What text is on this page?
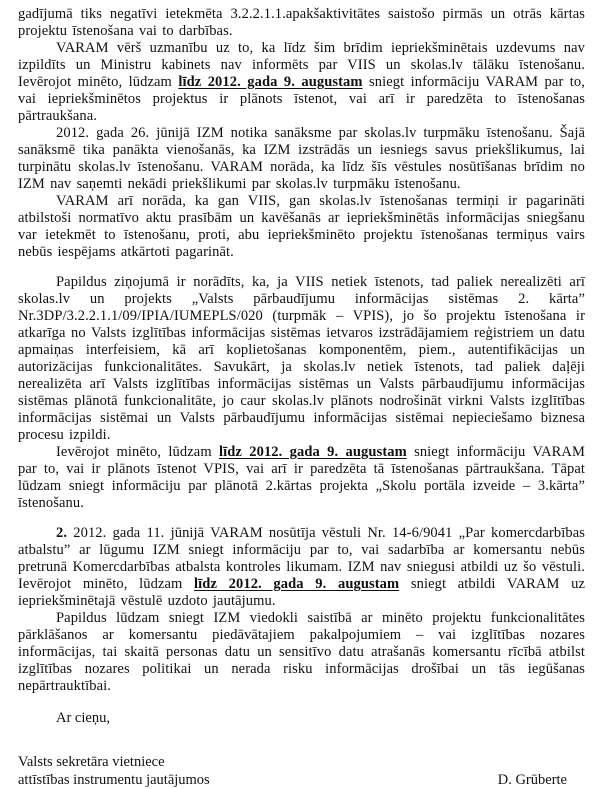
gadījumā tiks negatīvi ietekmēta 3.2.2.1.1.apakšaktivitātes saistošo pirmās un otrās kārtas projektu īstenošana vai to darbības.

VARAM vērš uzmanību uz to, ka līdz šim brīdim iepriekšminētais uzdevums nav izpildīts un Ministru kabinets nav informēts par VIIS un skolas.lv tālāku īstenošanu. Ievērojot minēto, lūdzam līdz 2012. gada 9. augustam sniegt informāciju VARAM par to, vai iepriekšminētos projektus ir plānots īstenot, vai arī ir paredzēta to īstenošanas pārtraukšana.

2012. gada 26. jūnijā IZM notika sanāksme par skolas.lv turpmāku īstenošanu. Šajā sanāksmē tika panākta vienošanās, ka IZM izstrādās un iesniegs savus priekšlikumus, lai turpinātu skolas.lv īstenošanu. VARAM norāda, ka līdz šīs vēstules nosūtīšanas brīdim no IZM nav saņemti nekādi priekšlikumi par skolas.lv turpmāku īstenošanu.

VARAM arī norāda, ka gan VIIS, gan skolas.lv īstenošanas termiņi ir pagarināti atbilstoši normatīvo aktu prasībām un kavēšanās ar iepriekšminētās informācijas sniegšanu var ietekmēt to īstenošanu, proti, abu iepriekšminēto projektu īstenošanas termiņus vairs nebūs iespējams atkārtoti pagarināt.

Papildus ziņojumā ir norādīts, ka, ja VIIS netiek īstenots, tad paliek nerealizēti arī skolas.lv un projekts „Valsts pārbaudījumu informācijas sistēmas 2. kārta” Nr.3DP/3.2.2.1.1/09/IPIA/IUMEPLS/020 (turpmāk – VPIS), jo šo projektu īstenošana ir atkarīga no Valsts izglītības informācijas sistēmas ietvaros izstrādājamiem reģistriem un datu apmaiņas interfeisiem, kā arī koplietošanas komponentēm, piem., autentifikācijas un autorizācijas funkcionalitātes. Savukārt, ja skolas.lv netiek īstenots, tad paliek daļēji nerealizēta arī Valsts izglītības informācijas sistēmas un Valsts pārbaudījumu informācijas sistēmas plānotā funkcionalitāte, jo caur skolas.lv plānots nodrošināt virkni Valsts izglītības informācijas sistēmai un Valsts pārbaudījumu informācijas sistēmai nepieciešamo biznesa procesu izpildi.

Ievērojot minēto, lūdzam līdz 2012. gada 9. augustam sniegt informāciju VARAM par to, vai ir plānots īstenot VPIS, vai arī ir paredzēta tā īstenošanas pārtraukšana. Tāpat lūdzam sniegt informāciju par plānotā 2.kārtas projekta „Skolu portāla izveide – 3.kārta” īstenošanu.

2. 2012. gada 11. jūnijā VARAM nosūtīja vēstuli Nr. 14-6/9041 „Par komercdarbības atbalstu” ar lūgumu IZM sniegt informāciju par to, vai sadarbība ar komersantu nebūs pretrunā Komercdarbības atbalsta kontroles likumam. IZM nav sniegusi atbildi uz šo vēstuli. Ievērojot minēto, lūdzam līdz 2012. gada 9. augustam sniegt atbildi VARAM uz iepriekšminētajā vēstulē uzdoto jautājumu.

Papildus lūdzam sniegt IZM viedokli saistībā ar minēto projektu funkcionalitātes pārklāšanos ar komersantu piedāvātajiem pakalpojumiem – vai izglītības nozares informācijas, tai skaitā personas datu un sensitīvo datu atrašanās komersantu rīcībā atbilst izglītības nozares politikai un nerada risku informācijas drošībai un tās iegūšanas nepārtrauktībai.

Ar cieņu,

Valsts sekretāra vietniece
attīstības instrumentu jautājumos	D. Grūberte
